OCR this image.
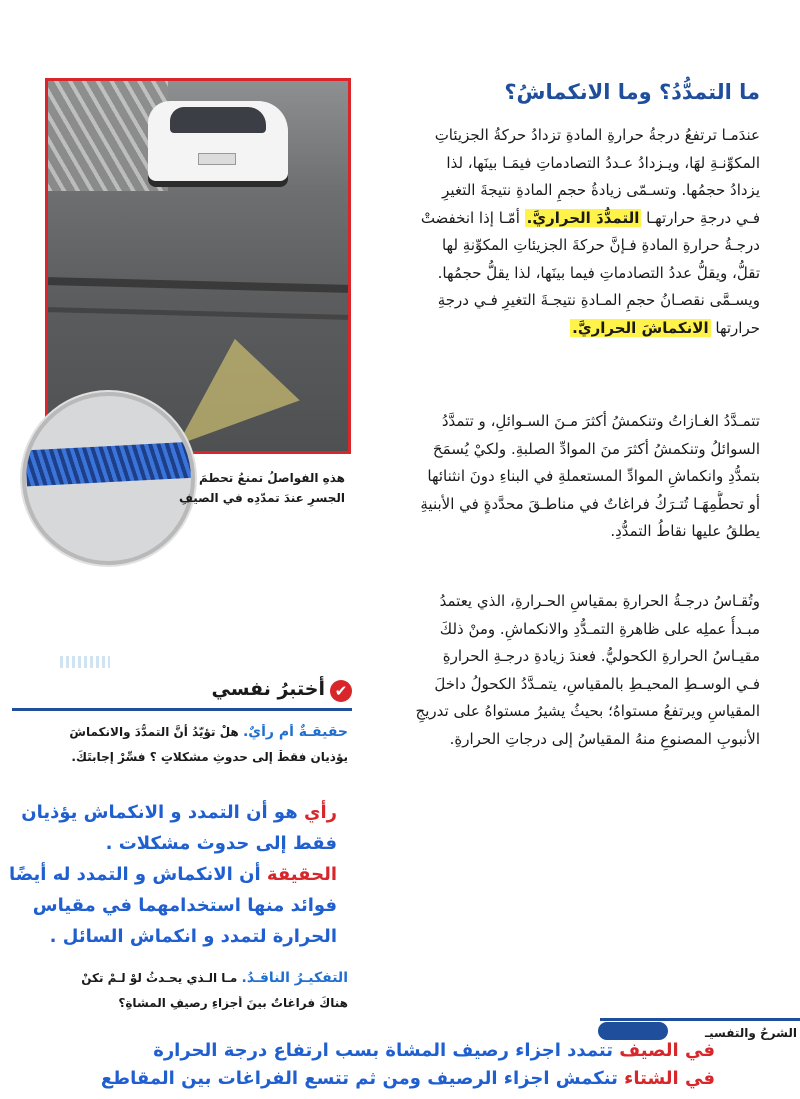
هذهِ الفواصلُ تمنعُ تحطمَ
الجسرِ عندَ تمدّدِه في الصيفِ
ما التمدُّدُ؟ وما الانكماشُ؟
عندَمـا ترتفعُ درجةُ حرارةِ المادةِ تزدادُ حركةُ الجزيئاتِ
المكوِّنـةِ لهَا، ويـزدادُ عـددُ التصادماتِ فيمَـا بينَها، لذا
يزدادُ حجمُها. وتسـمّى زيادةُ حجمِ المادةِ نتيجةَ التغيرِ
فـي درجةِ حرارتهـا التمدُّدَ الحراريَّ. أمّـا إذا انخفضتْ
درجـةُ حرارةِ المادةِ فـإنَّ حركةَ الجزيئاتِ المكوِّنةِ لها
تقلُّ، ويقلُّ عددُ التصادماتِ فيما بينَها، لذا يقلُّ حجمُها.
ويسـمَّى نقصـانُ حجمِ المـادةِ نتيجـةَ التغيرِ فـي درجةِ
حرارتها الانكماشَ الحراريَّ.
تتمـدَّدُ الغـازاتُ وتنكمشُ أكثرَ مـنَ السـوائلِ، و تتمدَّدُ
السوائلُ وتنكمشُ أكثرَ منَ الموادِّ الصلبةِ. ولكيْ يُسمَحَ
بتمدُّدِ وانكماشِ الموادِّ المستعملةِ في البناءِ دونَ انثنائها
أو تحطُّمِهَـا تُتـرَكُ فراغاتٌ في مناطـقَ محدَّدةٍ في الأبنيةِ
يطلقُ عليها نقاطُ التمدُّدِ.
وتُقـاسُ درجـةُ الحرارةِ بمقياسِ الحـرارةِ، الذي يعتمدُ
مبـدأُ عملِه على ظاهرةِ التمـدُّدِ والانكماشِ. ومنْ ذلكَ
مقيـاسُ الحرارةِ الكحوليُّ. فعندَ زيادةِ درجـةِ الحرارةِ
فـي الوسـطِ المحيـطِ بالمقياسِ، يتمـدَّدُ الكحولُ داخلَ
المقياسِ ويرتفعُ مستواهُ؛ بحيثُ يشيرُ مستواهُ على تدريجِ
الأنبوبِ المصنوعِ منهُ المقياسُ إلى درجاتِ الحرارةِ.
✔
أختبرُ نفسي
حقيقـةٌ أم رأيٌ. هلْ تؤيّدُ أنَّ التمدُّدَ والانكماشَ
يؤذيانِ فقطْ إلى حدوثِ مشكلاتٍ ؟ فسِّرْ إجابتَكَ.
رأي هو أن التمدد و الانكماش يؤذيان
فقط إلى حدوث مشكلات .
الحقيقة أن الانكماش و التمدد له أيضًا
فوائد منها استخدامهما في مقياس
الحرارة لتمدد و انكماش السائل .
التفكيـرُ الناقـدُ. مـا الـذي يحـدثُ لوْ لـمْ تكنْ
هناكَ فراغاتٌ بينَ أجزاءِ رصيفِ المشاةِ؟
الشرحُ والتفسيـ
في الصيف تتمدد اجزاء رصيف المشاة بسب ارتفاع درجة الحرارة
في الشتاء تنكمش اجزاء الرصيف ومن ثم تتسع الفراغات بين المقاطع
